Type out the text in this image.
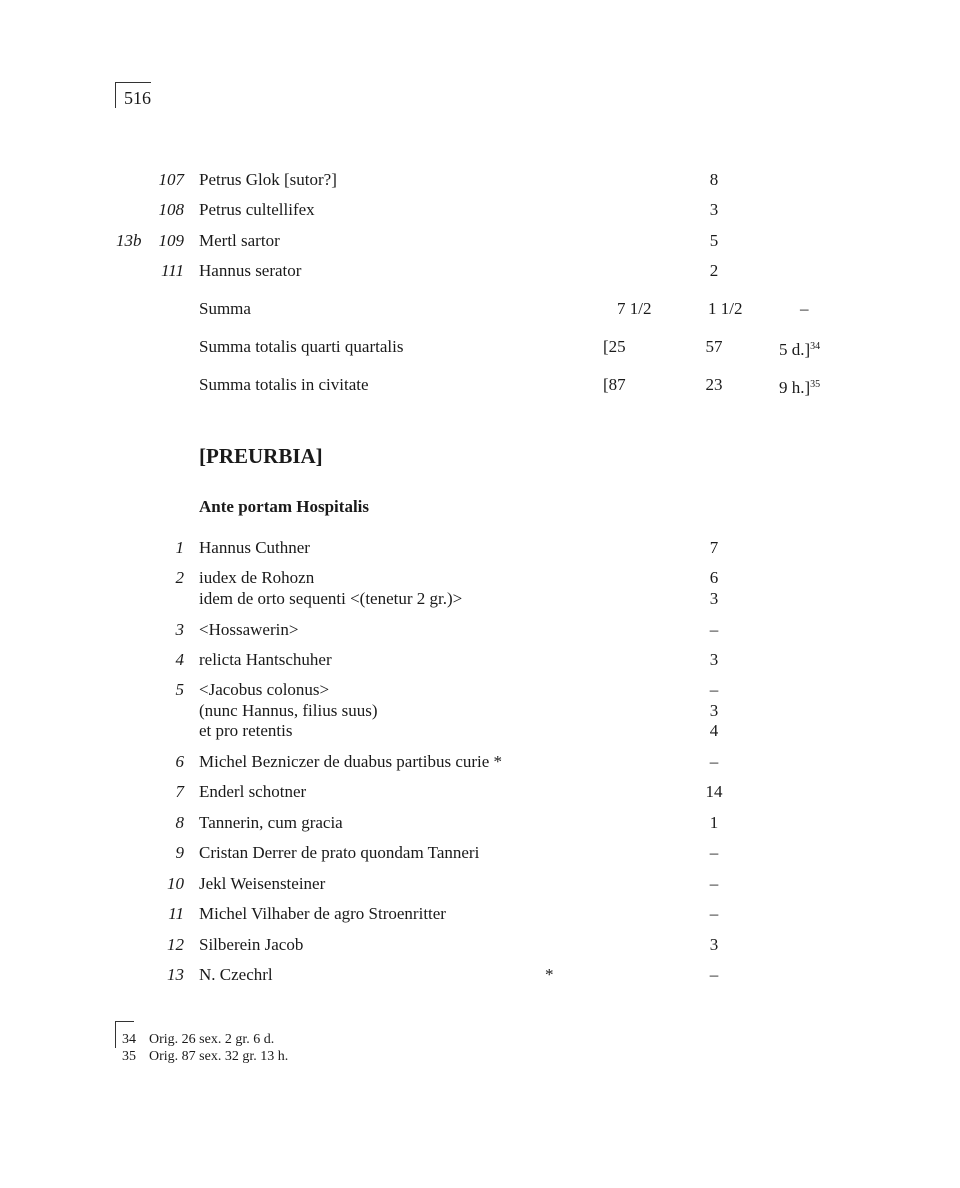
516
107 Petrus Glok [sutor?]	8
108 Petrus cultellifex	3
13b 109 Mertl sartor	5
111 Hannus serator	2
Summa	7 1/2	1 1/2	–
Summa totalis quarti quartalis	[25	57	5 d.]$^{34}$
Summa totalis in civitate	[87	23	9 h.]$^{35}$
[PREURBIA]
Ante portam Hospitalis
1 Hannus Cuthner	7
2 iudex de Rohozn	6
idem de orto sequenti <(tenetur 2 gr.)>	3
3 <Hossawerin>	–
4 relicta Hantschuher	3
5 <Jacobus colonus>	–
(nunc Hannus, filius suus)	3
et pro retentis	4
6 Michel Bezniczer de duabus partibus curie *	–
7 Enderl schotner	14
8 Tannerin, cum gracia	1
9 Cristan Derrer de prato quondam Tanneri	–
10 Jekl Weisensteiner	–
11 Michel Vilhaber de agro Stroenritter	–
12 Silberein Jacob	3
13 N. Czechrl	*	–
34 Orig. 26 sex. 2 gr. 6 d.
35 Orig. 87 sex. 32 gr. 13 h.
